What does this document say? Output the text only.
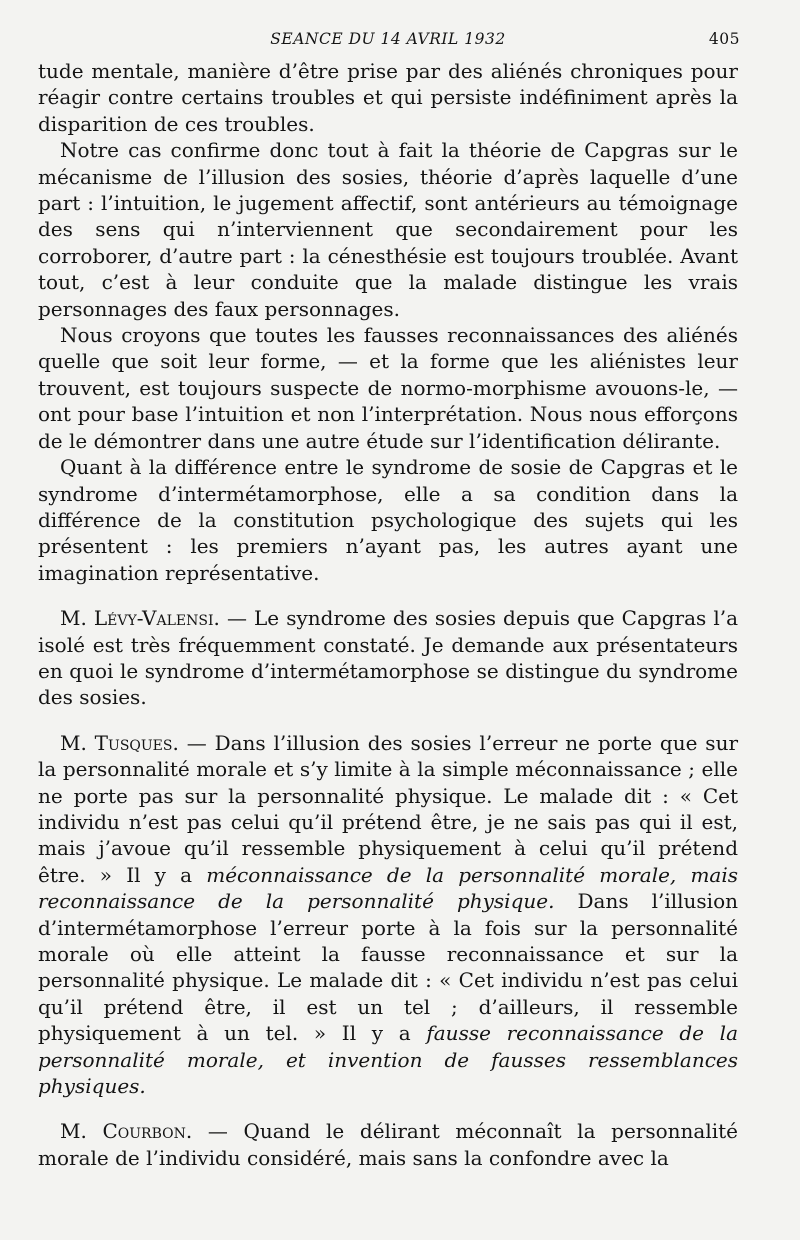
SEANCE DU 14 AVRIL 1932	405

tude mentale, manière d’être prise par des aliénés chroniques pour réagir contre certains troubles et qui persiste indéfiniment après la disparition de ces troubles.

Notre cas confirme donc tout à fait la théorie de Capgras sur le mécanisme de l’illusion des sosies, théorie d’après laquelle d’une part : l’intuition, le jugement affectif, sont antérieurs au témoignage des sens qui n’interviennent que secondairement pour les corroborer, d’autre part : la cénesthésie est toujours troublée. Avant tout, c’est à leur conduite que la malade distingue les vrais personnages des faux personnages.

Nous croyons que toutes les fausses reconnaissances des aliénés quelle que soit leur forme, — et la forme que les aliénistes leur trouvent, est toujours suspecte de normo-morphisme avouons-le, — ont pour base l’intuition et non l’interprétation. Nous nous efforçons de le démontrer dans une autre étude sur l’identification délirante.

Quant à la différence entre le syndrome de sosie de Capgras et le syndrome d’intermétamorphose, elle a sa condition dans la différence de la constitution psychologique des sujets qui les présentent : les premiers n’ayant pas, les autres ayant une imagination représentative.

M. Lévy-Valensi. — Le syndrome des sosies depuis que Capgras l’a isolé est très fréquemment constaté. Je demande aux présentateurs en quoi le syndrome d’intermétamorphose se distingue du syndrome des sosies.

M. Tusques. — Dans l’illusion des sosies l’erreur ne porte que sur la personnalité morale et s’y limite à la simple méconnaissance ; elle ne porte pas sur la personnalité physique. Le malade dit : « Cet individu n’est pas celui qu’il prétend être, je ne sais pas qui il est, mais j’avoue qu’il ressemble physiquement à celui qu’il prétend être. » Il y a méconnaissance de la personnalité morale, mais reconnaissance de la personnalité physique. Dans l’illusion d’intermétamorphose l’erreur porte à la fois sur la personnalité morale où elle atteint la fausse reconnaissance et sur la personnalité physique. Le malade dit : « Cet individu n’est pas celui qu’il prétend être, il est un tel ; d’ailleurs, il ressemble physiquement à un tel. » Il y a fausse reconnaissance de la personnalité morale, et invention de fausses ressemblances physiques.

M. Courbon. — Quand le délirant méconnaît la personnalité morale de l’individu considéré, mais sans la confondre avec la
